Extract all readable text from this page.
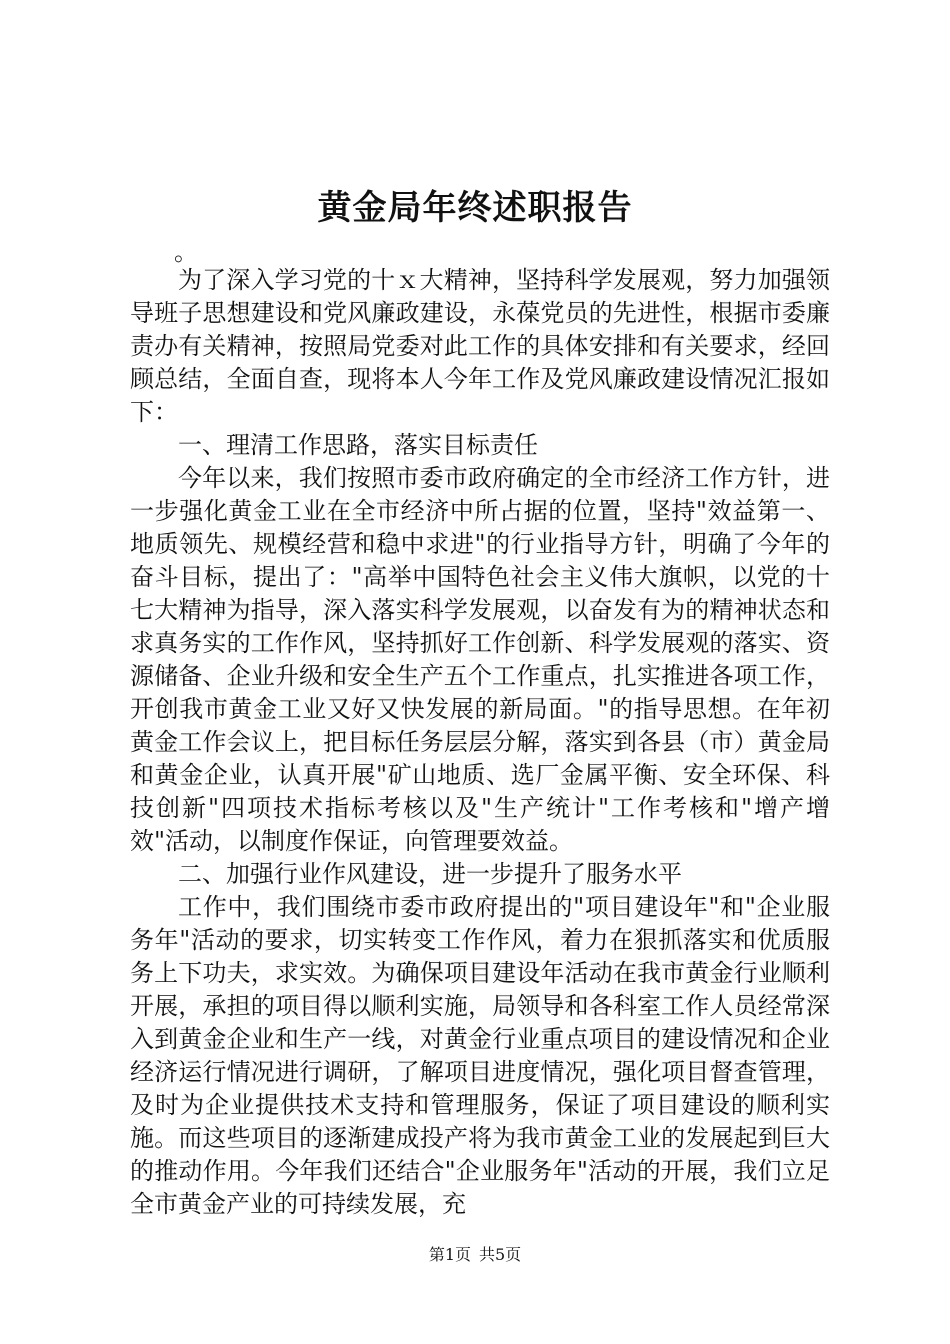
黄金局年终述职报告

。

为了深入学习党的十ｘ大精神，坚持科学发展观，努力加强领导班子思想建设和党风廉政建设，永葆党员的先进性，根据市委廉责办有关精神，按照局党委对此工作的具体安排和有关要求，经回顾总结，全面自查，现将本人今年工作及党风廉政建设情况汇报如下：

一、理清工作思路，落实目标责任

今年以来，我们按照市委市政府确定的全市经济工作方针，进一步强化黄金工业在全市经济中所占据的位置，坚持"效益第一、地质领先、规模经营和稳中求进"的行业指导方针，明确了今年的奋斗目标，提出了："高举中国特色社会主义伟大旗帜，以党的十七大精神为指导，深入落实科学发展观，以奋发有为的精神状态和求真务实的工作作风，坚持抓好工作创新、科学发展观的落实、资源储备、企业升级和安全生产五个工作重点，扎实推进各项工作，开创我市黄金工业又好又快发展的新局面。"的指导思想。在年初黄金工作会议上，把目标任务层层分解，落实到各县（市）黄金局和黄金企业，认真开展"矿山地质、选厂金属平衡、安全环保、科技创新"四项技术指标考核以及"生产统计"工作考核和"增产增效"活动，以制度作保证，向管理要效益。

二、加强行业作风建设，进一步提升了服务水平

工作中，我们围绕市委市政府提出的"项目建设年"和"企业服务年"活动的要求，切实转变工作作风，着力在狠抓落实和优质服务上下功夫，求实效。为确保项目建设年活动在我市黄金行业顺利开展，承担的项目得以顺利实施，局领导和各科室工作人员经常深入到黄金企业和生产一线，对黄金行业重点项目的建设情况和企业经济运行情况进行调研，了解项目进度情况，强化项目督查管理，及时为企业提供技术支持和管理服务，保证了项目建设的顺利实施。而这些项目的逐渐建成投产将为我市黄金工业的发展起到巨大的推动作用。今年我们还结合"企业服务年"活动的开展，我们立足全市黄金产业的可持续发展，充

第1页 共5页
